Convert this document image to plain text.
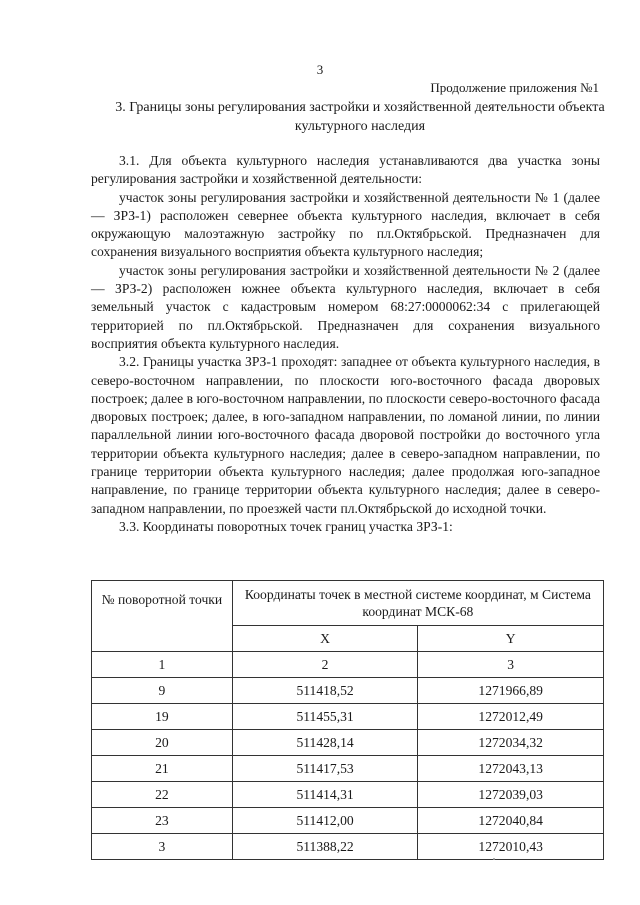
3
Продолжение приложения №1
3. Границы зоны регулирования застройки и хозяйственной деятельности объекта культурного наследия

3.1. Для объекта культурного наследия устанавливаются два участка зоны регулирования застройки и хозяйственной деятельности:

участок зоны регулирования застройки и хозяйственной деятельности № 1 (далее — ЗРЗ-1) расположен севернее объекта культурного наследия, включает в себя окружающую малоэтажную застройку по пл.Октябрьской. Предназначен для сохранения визуального восприятия объекта культурного наследия;

участок зоны регулирования застройки и хозяйственной деятельности № 2 (далее — ЗРЗ-2) расположен южнее объекта культурного наследия, включает в себя земельный участок с кадастровым номером 68:27:0000062:34 с прилегающей территорией по пл.Октябрьской. Предназначен для сохранения визуального восприятия объекта культурного наследия.

3.2. Границы участка ЗРЗ-1 проходят: западнее от объекта культурного наследия, в северо-восточном направлении, по плоскости юго-восточного фасада дворовых построек; далее в юго-восточном направлении, по плоскости северо-восточного фасада дворовых построек; далее, в юго-западном направлении, по ломаной линии, по линии параллельной линии юго-восточного фасада дворовой постройки до восточного угла территории объекта культурного наследия; далее в северо-западном направлении, по границе территории объекта культурного наследия; далее продолжая юго-западное направление, по границе территории объекта культурного наследия; далее в северо-западном направлении, по проезжей части пл.Октябрьской до исходной точки.

3.3. Координаты поворотных точек границ участка ЗРЗ-1:

№ поворотной точки	Координаты точек в местной системе координат, м Система координат МСК-68	
	X	Y
1	2	3
9	511418,52	1271966,89
19	511455,31	1272012,49
20	511428,14	1272034,32
21	511417,53	1272043,13
22	511414,31	1272039,03
23	511412,00	1272040,84
3	511388,22	1272010,43
